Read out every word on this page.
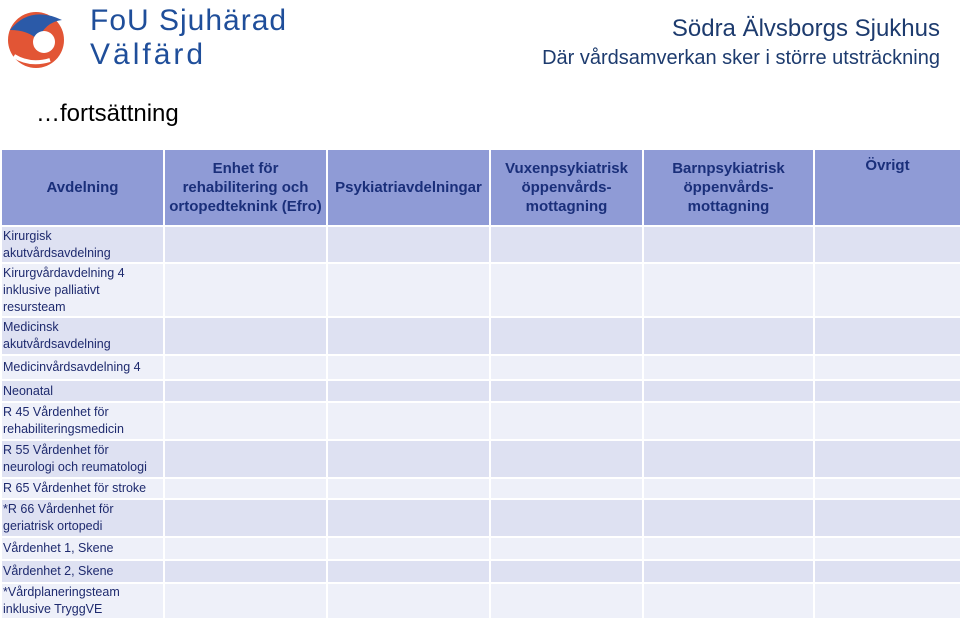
FoU Sjuhärad
Välfärd
Södra Älvsborgs Sjukhus
Där vårdsamverkan sker i större utsträckning
…fortsättning
Avdelning	Enhet för rehabilitering och ortopedteknink (Efro)	Psykiatriavdelningar	Vuxenpsykiatrisk öppenvårds-mottagning	Barnpsykiatrisk öppenvårds-mottagning	Övrigt
Kirurgisk akutvårdsavdelning					
Kirurgvårdavdelning 4 inklusive palliativt resursteam					
Medicinsk akutvårdsavdelning					
Medicinvårdsavdelning 4					
Neonatal					
R 45 Vårdenhet för rehabiliteringsmedicin					
R 55 Vårdenhet för neurologi och reumatologi					
R 65 Vårdenhet för stroke					
*R 66 Vårdenhet för geriatrisk ortopedi					
Vårdenhet 1, Skene					
Vårdenhet 2, Skene					
*Vårdplaneringsteam inklusive TryggVE					
